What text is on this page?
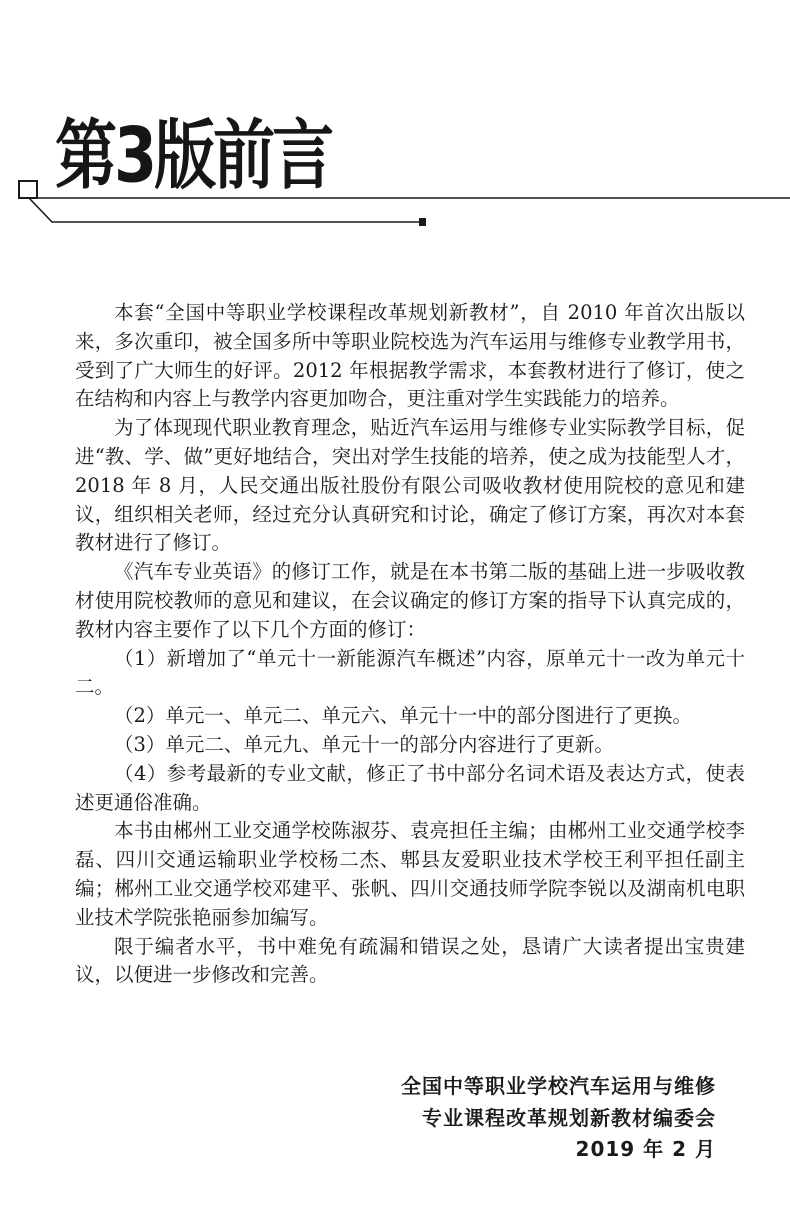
第3版前言

本套“全国中等职业学校课程改革规划新教材”，自 2010 年首次出版以来，多次重印，被全国多所中等职业院校选为汽车运用与维修专业教学用书，受到了广大师生的好评。2012 年根据教学需求，本套教材进行了修订，使之在结构和内容上与教学内容更加吻合，更注重对学生实践能力的培养。

为了体现现代职业教育理念，贴近汽车运用与维修专业实际教学目标，促进“教、学、做”更好地结合，突出对学生技能的培养，使之成为技能型人才，2018 年 8 月，人民交通出版社股份有限公司吸收教材使用院校的意见和建议，组织相关老师，经过充分认真研究和讨论，确定了修订方案，再次对本套教材进行了修订。

《汽车专业英语》的修订工作，就是在本书第二版的基础上进一步吸收教材使用院校教师的意见和建议，在会议确定的修订方案的指导下认真完成的，教材内容主要作了以下几个方面的修订：

（1）新增加了“单元十一新能源汽车概述”内容，原单元十一改为单元十二。

（2）单元一、单元二、单元六、单元十一中的部分图进行了更换。

（3）单元二、单元九、单元十一的部分内容进行了更新。

（4）参考最新的专业文献，修正了书中部分名词术语及表达方式，使表述更通俗准确。

本书由郴州工业交通学校陈淑芬、袁亮担任主编；由郴州工业交通学校李磊、四川交通运输职业学校杨二杰、郫县友爱职业技术学校王利平担任副主编；郴州工业交通学校邓建平、张帆、四川交通技师学院李锐以及湖南机电职业技术学院张艳丽参加编写。

限于编者水平，书中难免有疏漏和错误之处，恳请广大读者提出宝贵建议，以便进一步修改和完善。

全国中等职业学校汽车运用与维修
专业课程改革规划新教材编委会
2019 年 2 月
